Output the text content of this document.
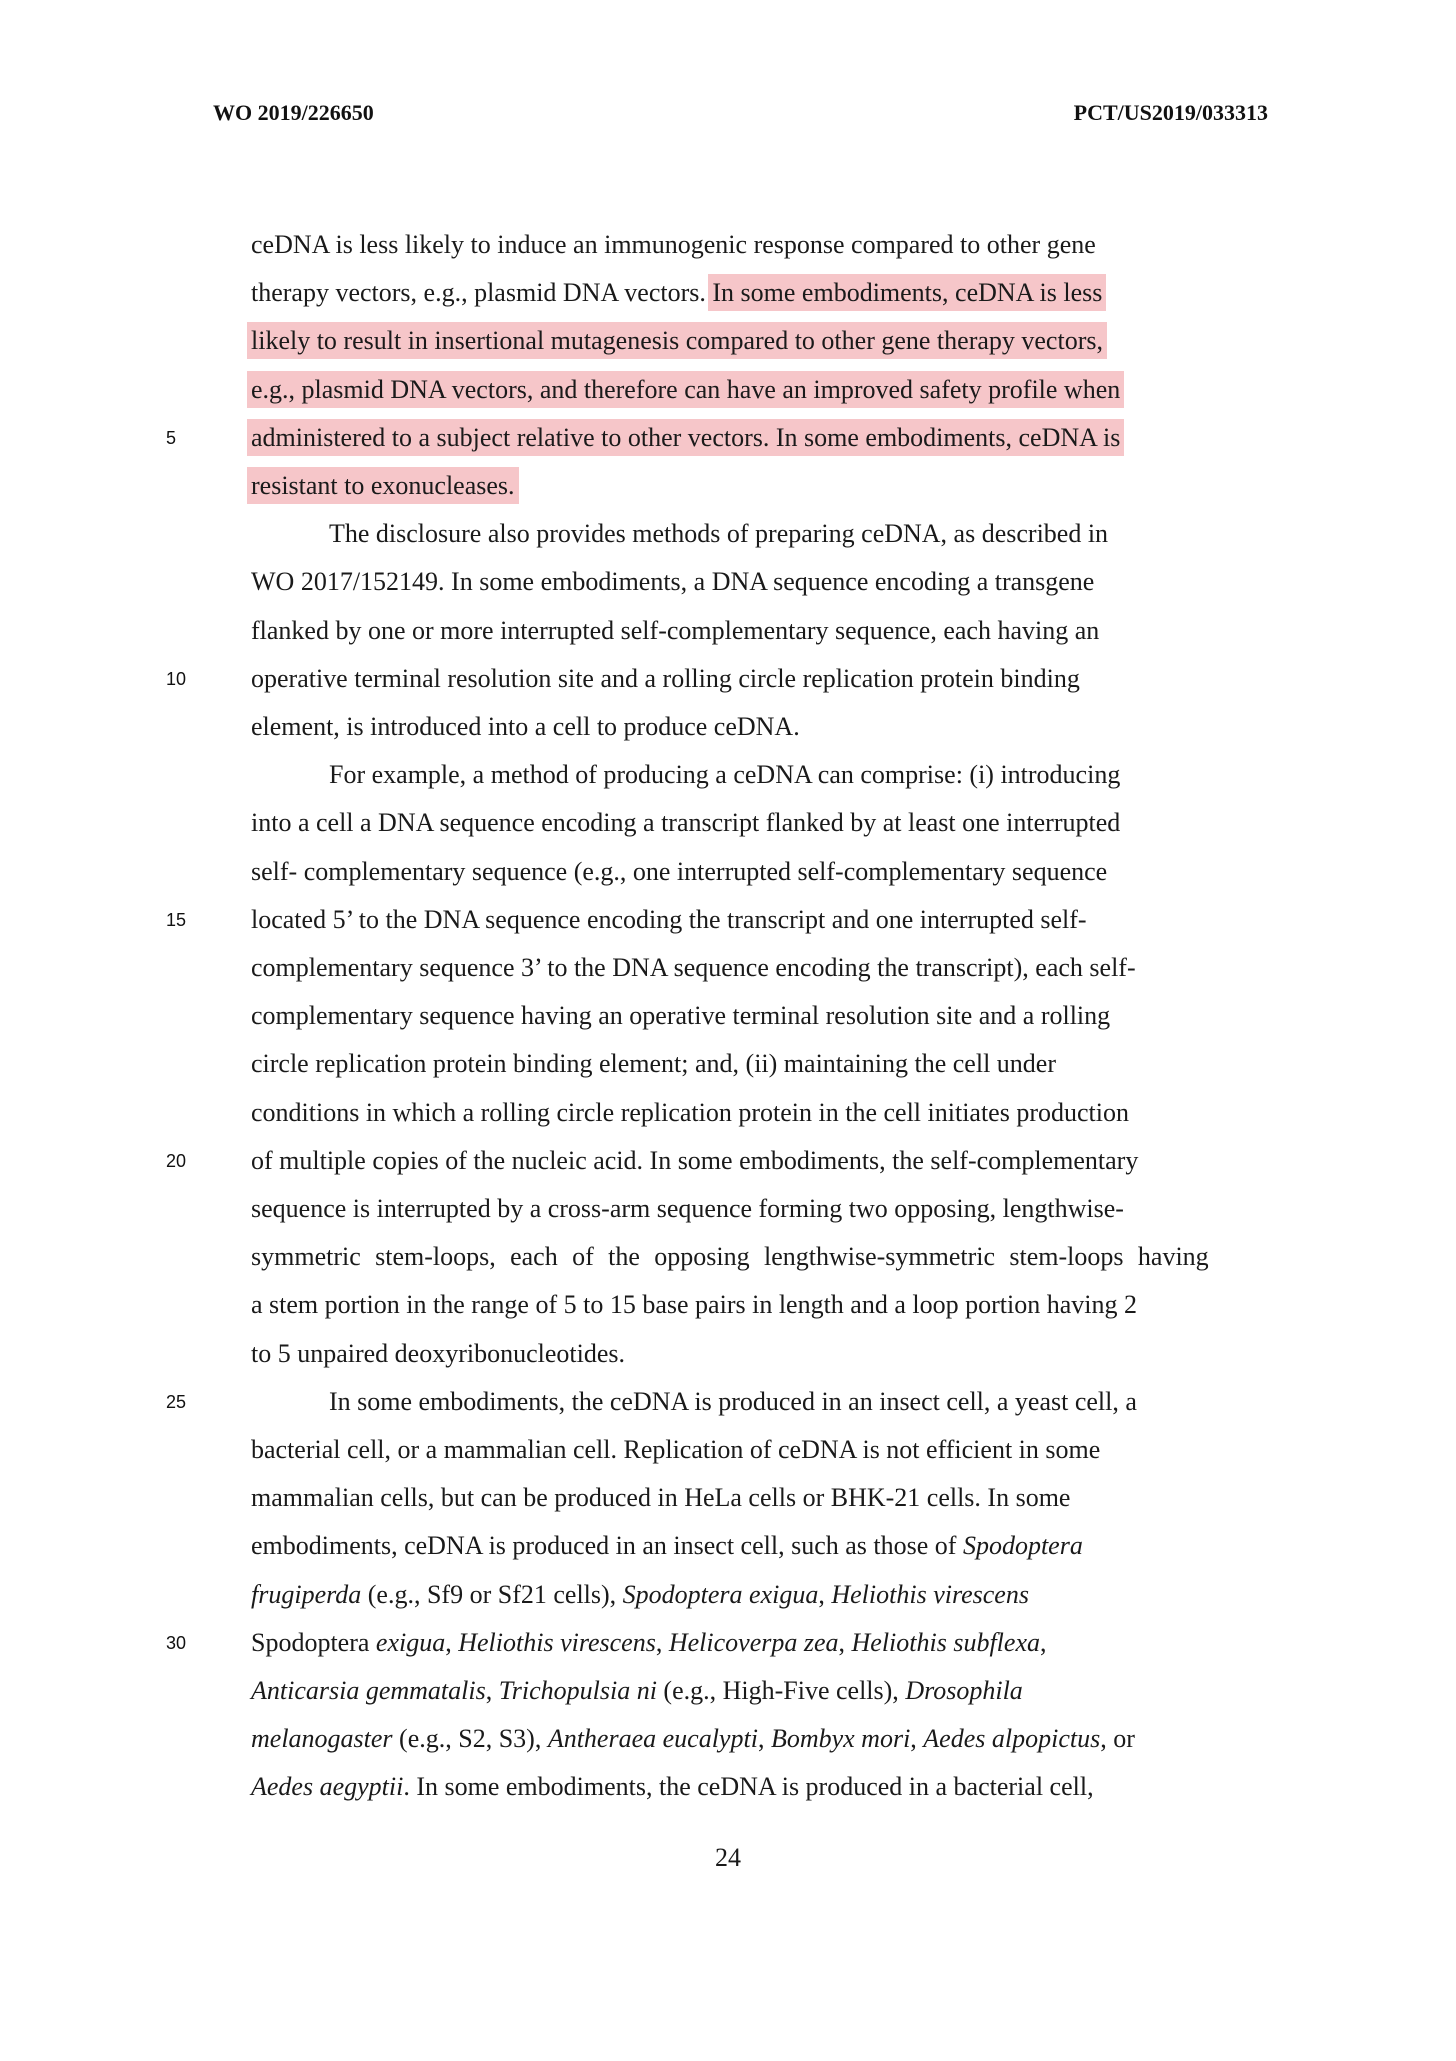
WO 2019/226650	PCT/US2019/033313
ceDNA is less likely to induce an immunogenic response compared to other gene
therapy vectors, e.g., plasmid DNA vectors. In some embodiments, ceDNA is less
likely to result in insertional mutagenesis compared to other gene therapy vectors,
e.g., plasmid DNA vectors, and therefore can have an improved safety profile when
administered to a subject relative to other vectors. In some embodiments, ceDNA is
resistant to exonucleases.
   The disclosure also provides methods of preparing ceDNA, as described in
WO 2017/152149. In some embodiments, a DNA sequence encoding a transgene
flanked by one or more interrupted self-complementary sequence, each having an
operative terminal resolution site and a rolling circle replication protein binding
element, is introduced into a cell to produce ceDNA.
   For example, a method of producing a ceDNA can comprise: (i) introducing
into a cell a DNA sequence encoding a transcript flanked by at least one interrupted
self- complementary sequence (e.g., one interrupted self-complementary sequence
located 5’ to the DNA sequence encoding the transcript and one interrupted self-
complementary sequence 3’ to the DNA sequence encoding the transcript), each self-
complementary sequence having an operative terminal resolution site and a rolling
circle replication protein binding element; and, (ii) maintaining the cell under
conditions in which a rolling circle replication protein in the cell initiates production
of multiple copies of the nucleic acid. In some embodiments, the self-complementary
sequence is interrupted by a cross-arm sequence forming two opposing, lengthwise-
symmetric stem-loops, each of the opposing lengthwise-symmetric stem-loops having
a stem portion in the range of 5 to 15 base pairs in length and a loop portion having 2
to 5 unpaired deoxyribonucleotides.
   In some embodiments, the ceDNA is produced in an insect cell, a yeast cell, a
bacterial cell, or a mammalian cell. Replication of ceDNA is not efficient in some
mammalian cells, but can be produced in HeLa cells or BHK-21 cells. In some
embodiments, ceDNA is produced in an insect cell, such as those of Spodoptera
frugiperda (e.g., Sf9 or Sf21 cells), Spodoptera exigua, Heliothis virescens
Spodoptera exigua, Heliothis virescens, Helicoverpa zea, Heliothis subflexa,
Anticarsia gemmatalis, Trichopulsia ni (e.g., High-Five cells), Drosophila
melanogaster (e.g., S2, S3), Antheraea eucalypti, Bombyx mori, Aedes alpopictus, or
Aedes aegyptii. In some embodiments, the ceDNA is produced in a bacterial cell,
5
10
15
20
25
30
24
